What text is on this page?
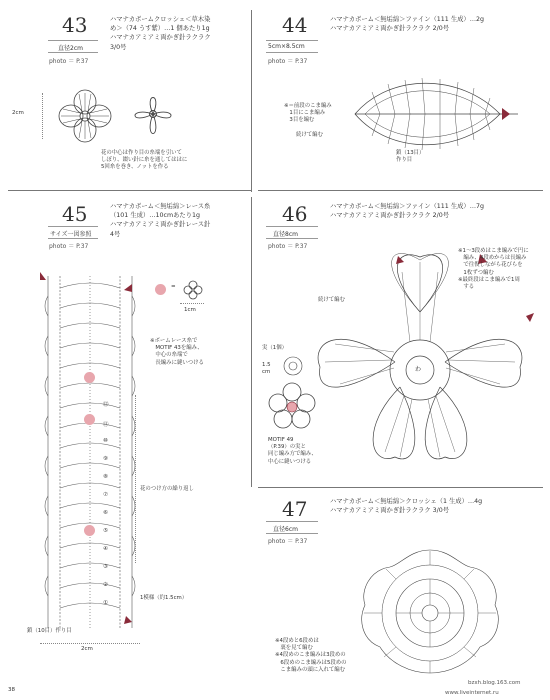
43
直径2cm
photo ＝ P.37
ハマナカボームクロッシェ＜草木染
め＞（74 うす紫）…1 個あたり1g
ハマナカアミアミ両かぎ針ラクラク
3/0号
2cm
花の中心は作り目の糸端を引いて
しぼり、綴い針に糸を通してははに
5回糸を巻き、ノットを作る
44
5cm×8.5cm
photo ＝ P.37
ハマナカボーム＜無垢綿＞ファイン（111 生成）…2g
ハマナカアミアミ両かぎ針ラクラク 2/0号
※＝前段のこま編み
　1目にこま編み
　3目を編む
続けて編む
鎖（13目）
作り目
45
サイズ一図参照
photo ＝ P.37
ハマナカボーム＜無垢綿＞レース糸
（101 生成）…10cmあたり1g
ハマナカアミアミ両かぎ針レース針
4号
=
1cm
⑫
⑪
⑩
⑨
⑧
⑦
⑥
⑤
④
③
②
①
※ボームレース糸で
　MOTIF 43を編み、
　中心の糸端で
　長編みに縫いつける
花のつけ方の繰り返し
1模様（約1.5cm）
鎖（10目）作り目
2cm
38
46
直径8cm
photo ＝ P.37
ハマナカボーム＜無垢綿＞ファイン（111 生成）…7g
ハマナカアミアミ両かぎ針ラクラク 2/0号
わ
※1〜3段めはこま編みで円に
　編み、4段めからは長編み
　で往復しながら花びらを
　1枚ずつ編む
※最終段はこま編みで1周
　する
続けて編む
実（1個）
1.5
cm
MOTIF 49
（P.39）の実と
同じ編み方で編み、
中心に縫いつける
47
直径6cm
photo ＝ P.37
ハマナカボーム＜無垢綿＞クロッシェ（1 生成）…4g
ハマナカアミアミ両かぎ針ラクラク 3/0号
※4段めと6段めは
　裏を見て編む
※4段めのこま編みは3段めの
　6段めのこま編みは5段めの
　こま編みの頭に入れて編む
bzxh.blog.163.com
www.liveinternet.ru
